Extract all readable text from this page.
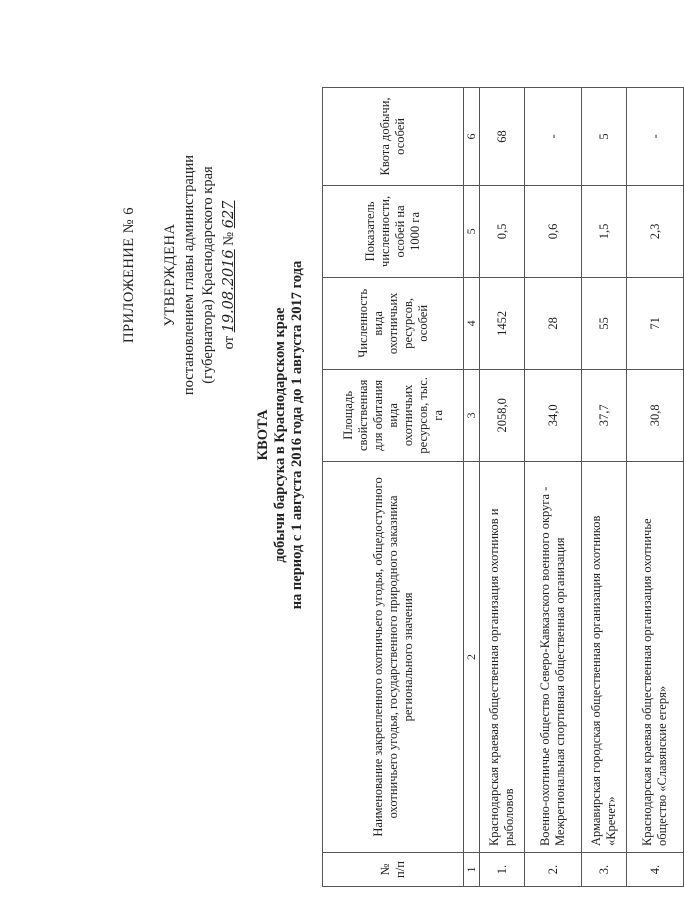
ПРИЛОЖЕНИЕ № 6 УТВЕРЖДЕНА постановлением главы администрации (губернатора) Краснодарского края от 19.08.2016 № 627
КВОТА добычи барсука в Краснодарском крае на период с 1 августа 2016 года до 1 августа 2017 года
№ п/п	Наименование закрепленного охотничьего угодья, общедоступного охотничьего угодья, государственного природного заказника регионального значения	Площадь свойственная для обитания вида охотничьих ресурсов, тыс. га	Численность вида охотничьих ресурсов, особей	Показатель численности, особей на 1000 га	Квота добычи, особей
1	2	3	4	5	6
1.	Краснодарская краевая общественная организация охотников и рыболовов	2058,0	1452	0,5	68
2.	Военно-охотничье общество Северо-Кавказского военного округа - Межрегиональная спортивная общественная организация	34,0	28	0,6	-
3.	Армавирская городская общественная организация охотников «Кречет»	37,7	55	1,5	5
4.	Краснодарская краевая общественная организация охотничье общество «Славянские егеря»	30,8	71	2,3	-
